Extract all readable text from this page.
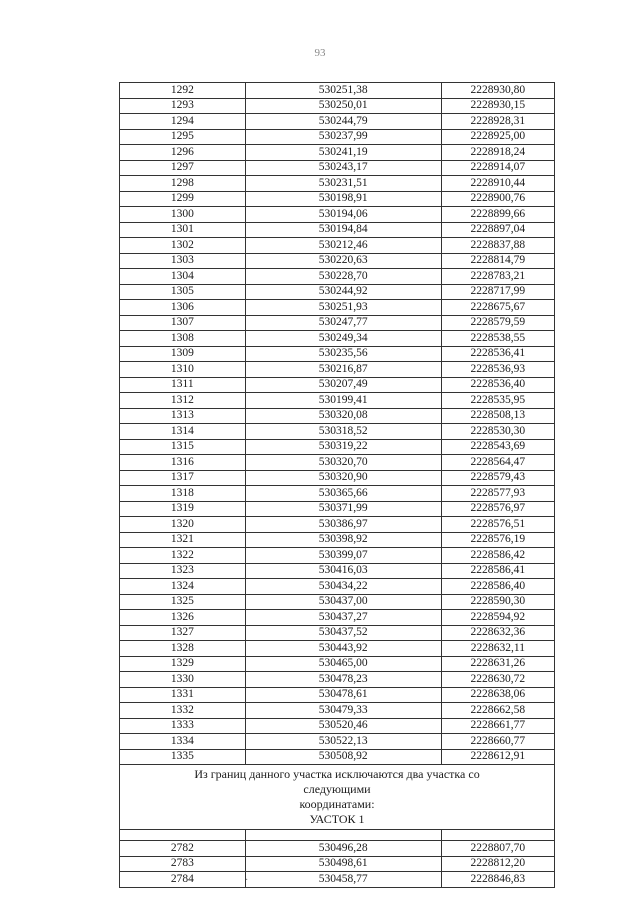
93
1292	530251,38	2228930,80
1293	530250,01	2228930,15
1294	530244,79	2228928,31
1295	530237,99	2228925,00
1296	530241,19	2228918,24
1297	530243,17	2228914,07
1298	530231,51	2228910,44
1299	530198,91	2228900,76
1300	530194,06	2228899,66
1301	530194,84	2228897,04
1302	530212,46	2228837,88
1303	530220,63	2228814,79
1304	530228,70	2228783,21
1305	530244,92	2228717,99
1306	530251,93	2228675,67
1307	530247,77	2228579,59
1308	530249,34	2228538,55
1309	530235,56	2228536,41
1310	530216,87	2228536,93
1311	530207,49	2228536,40
1312	530199,41	2228535,95
1313	530320,08	2228508,13
1314	530318,52	2228530,30
1315	530319,22	2228543,69
1316	530320,70	2228564,47
1317	530320,90	2228579,43
1318	530365,66	2228577,93
1319	530371,99	2228576,97
1320	530386,97	2228576,51
1321	530398,92	2228576,19
1322	530399,07	2228586,42
1323	530416,03	2228586,41
1324	530434,22	2228586,40
1325	530437,00	2228590,30
1326	530437,27	2228594,92
1327	530437,52	2228632,36
1328	530443,92	2228632,11
1329	530465,00	2228631,26
1330	530478,23	2228630,72
1331	530478,61	2228638,06
1332	530479,33	2228662,58
1333	530520,46	2228661,77
1334	530522,13	2228660,77
1335	530508,92	2228612,91

Из границ данного участка исключаются два участка со следующими
координатами:
УАСТОК 1		

2782	530496,28	2228807,70
2783	530498,61	2228812,20
2784	530458,77	2228846,83
·
